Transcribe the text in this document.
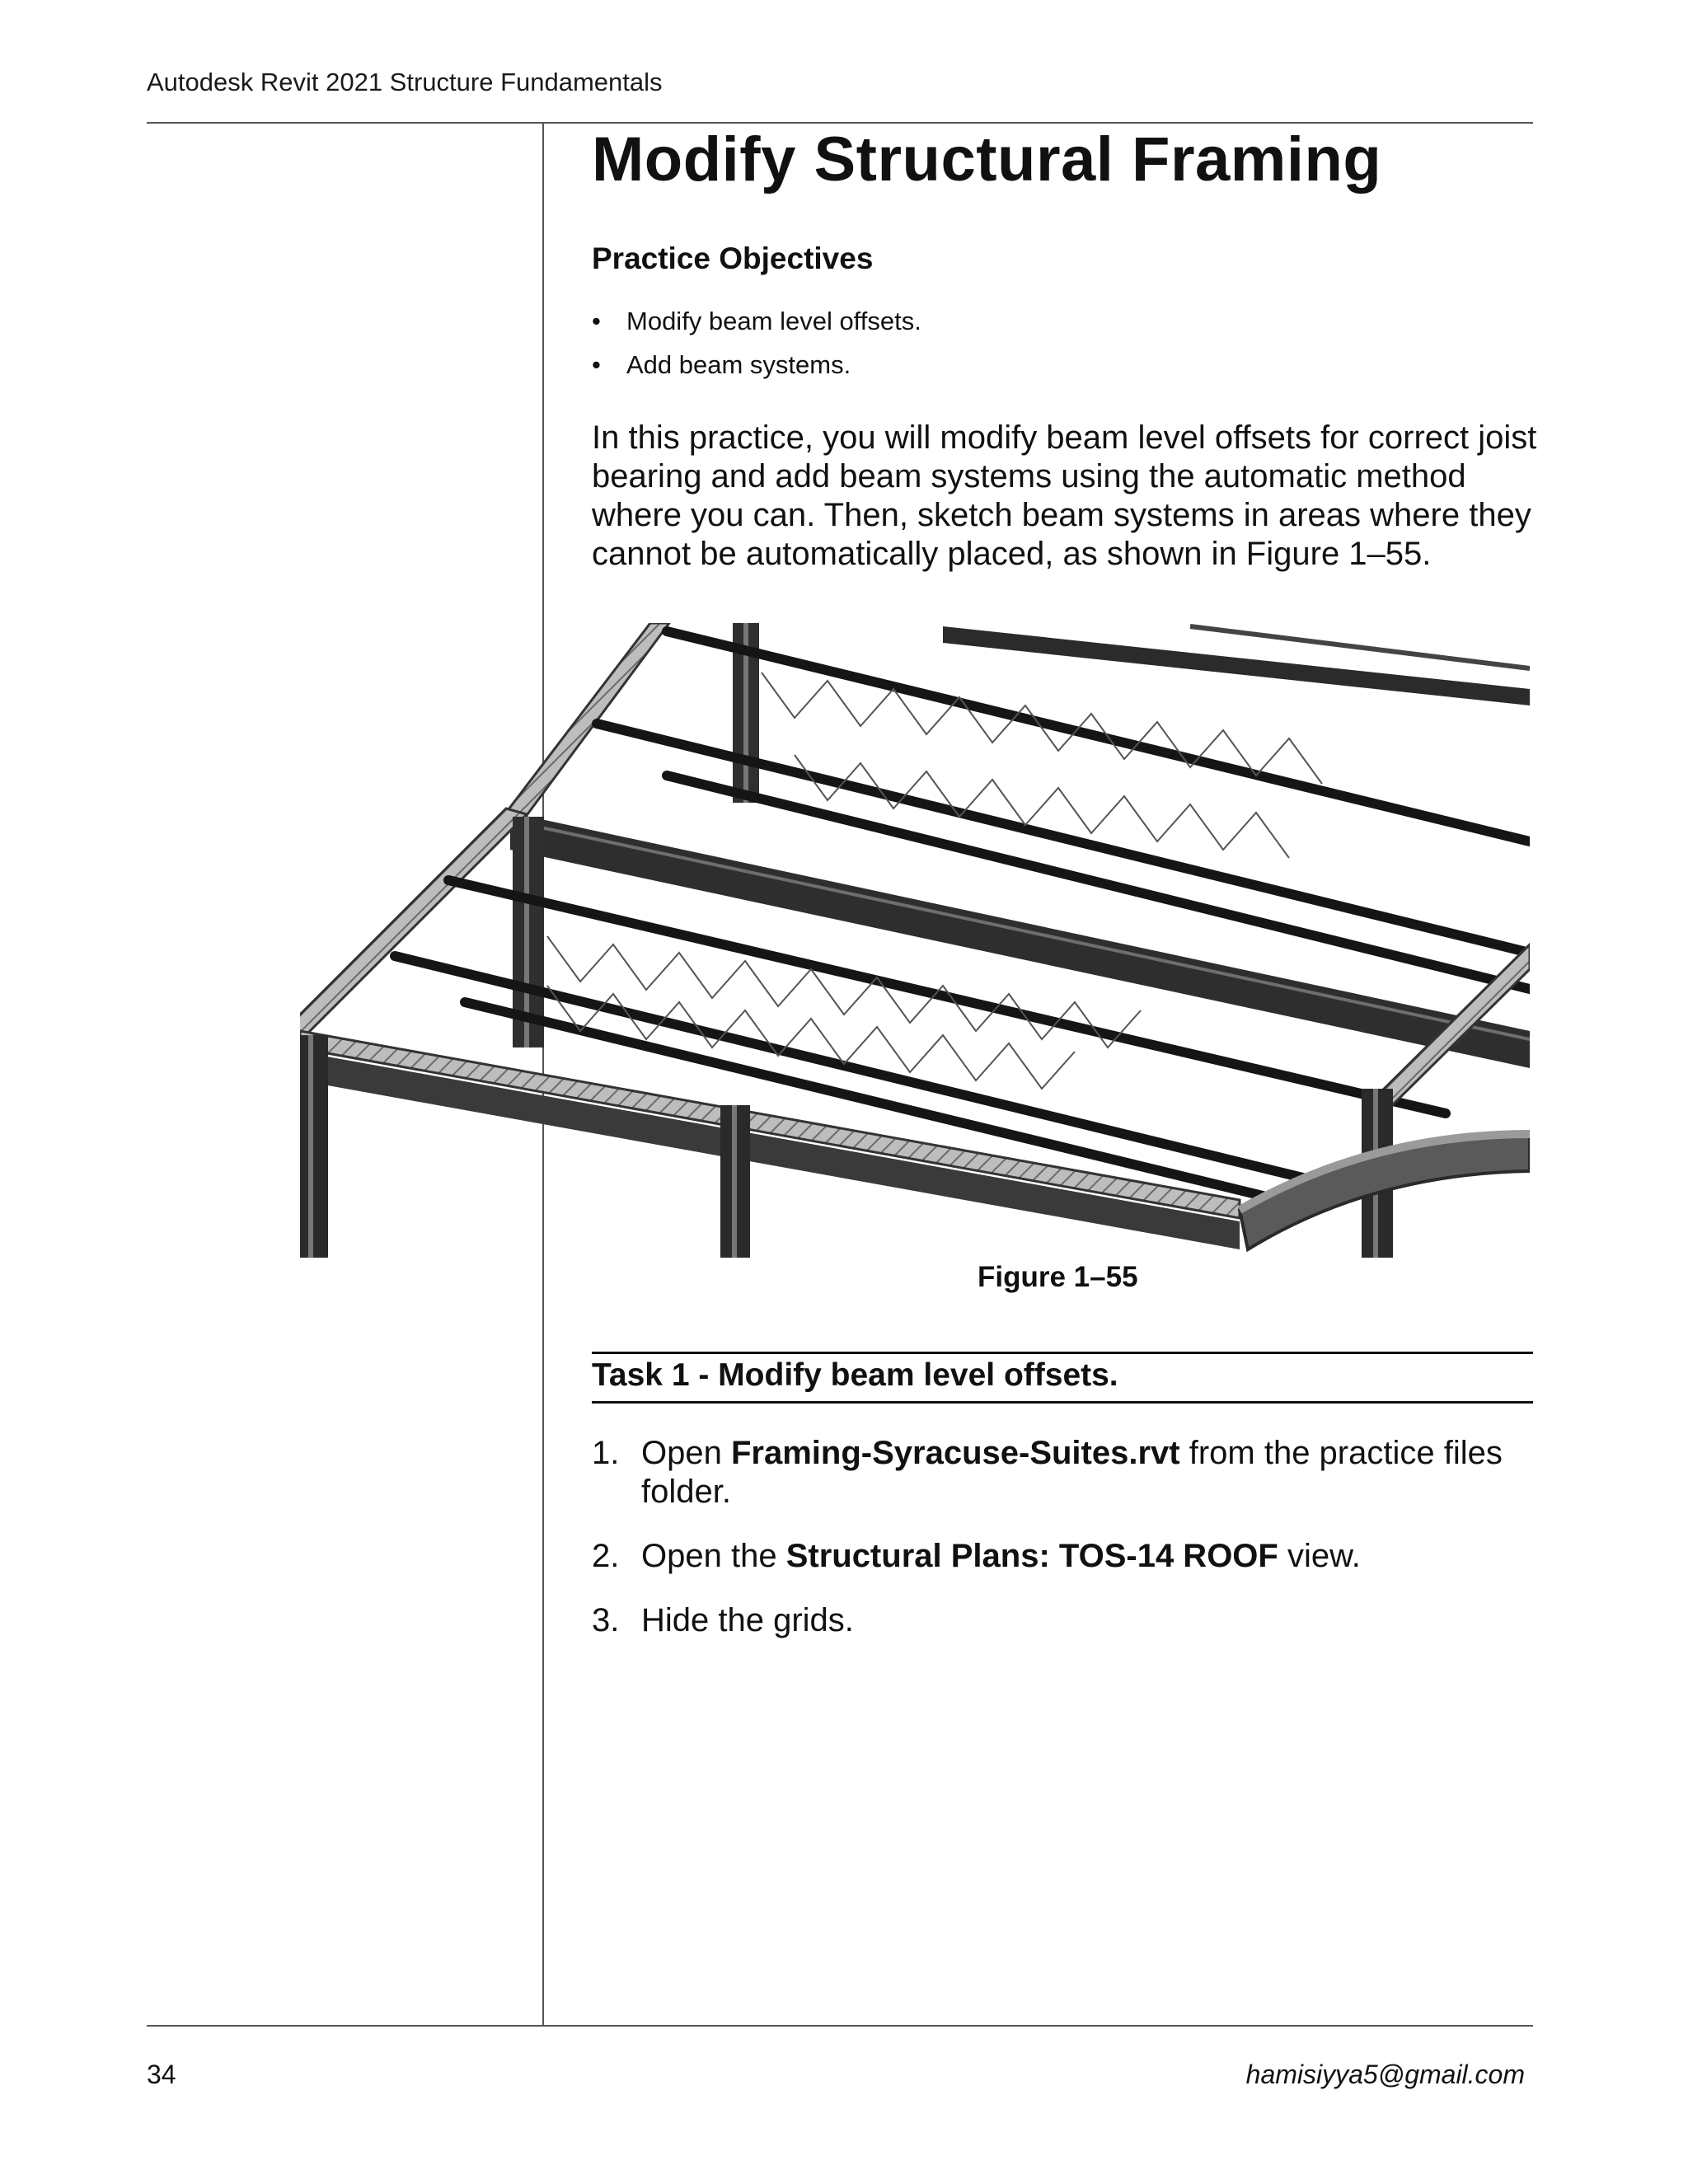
Autodesk Revit 2021 Structure Fundamentals
Modify Structural Framing
Practice Objectives
• Modify beam level offsets.
• Add beam systems.

In this practice, you will modify beam level offsets for correct joist bearing and add beam systems using the automatic method where you can. Then, sketch beam systems in areas where they cannot be automatically placed, as shown in Figure 1–55.

Figure 1–55
Task 1 - Modify beam level offsets.
1. Open Framing-Syracuse-Suites.rvt from the practice files folder.
2. Open the Structural Plans: TOS-14 ROOF view.
3. Hide the grids.
34	hamisiyya5@gmail.com
